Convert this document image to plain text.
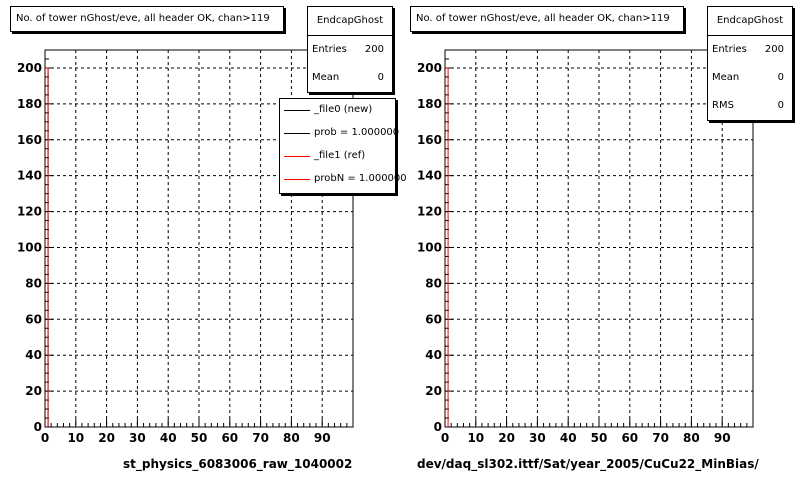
0 10 20 30 40 50 60 70 80 90
0
20
40
60
80
100
120
140
160
180
200
No. of tower nGhost/eve, all header OK, chan>119	EndcapGhost
Entries 200
Mean	0
_file0 (new)
prob = 1.000000
_file1 (ref)
probN = 1.000000
st_physics_6083006_raw_1040002
0 10 20 30 40 50 60 70 80 90
0
20
40
60
80
100
120
140
160
180
200
No. of tower nGhost/eve, all header OK, chan>119	EndcapGhost
Entries 200
Mean	0
RMS	0
dev/daq_sl302.ittf/Sat/year_2005/CuCu22_MinBias/
